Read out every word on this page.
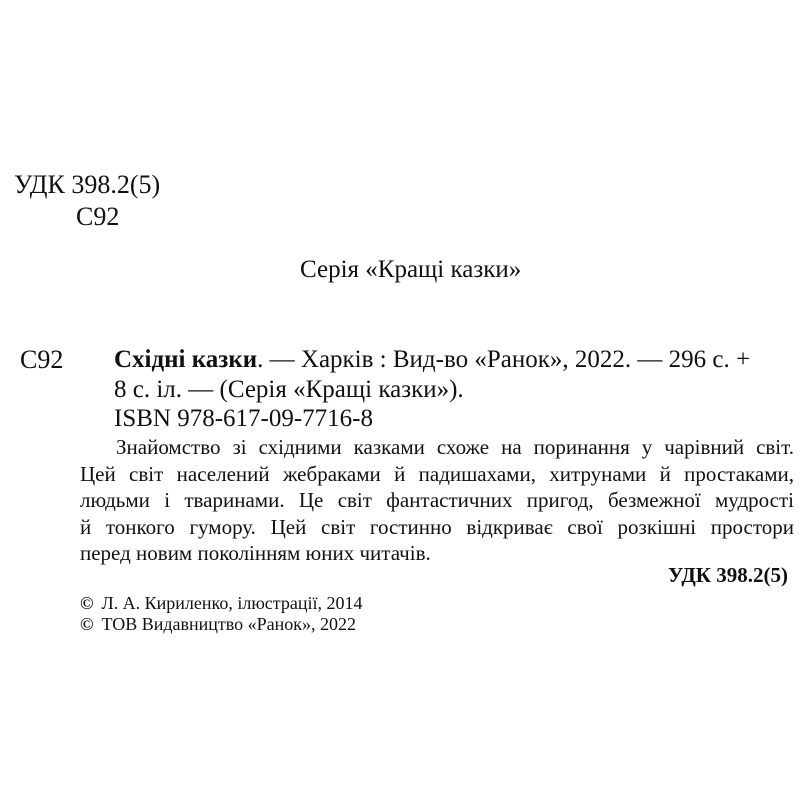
УДК 398.2(5)
С92
Серія «Кращі казки»
С92 Східні казки. — Харків : Вид-во «Ранок», 2022. — 296 с. +
8 с. іл. — (Серія «Кращі казки»).
ISBN 978-617-09-7716-8
Знайомство зі східними казками схоже на поринання у чарівний світ.
Цей світ населений жебраками й падишахами, хитрунами й простаками,
людьми і тваринами. Це світ фантастичних пригод, безмежної мудрості
й тонкого гумору. Цей світ гостинно відкриває свої розкішні простори
перед новим поколінням юних читачів.
УДК 398.2(5)
© Л. А. Кириленко, ілюстрації, 2014
© ТОВ Видавництво «Ранок», 2022
